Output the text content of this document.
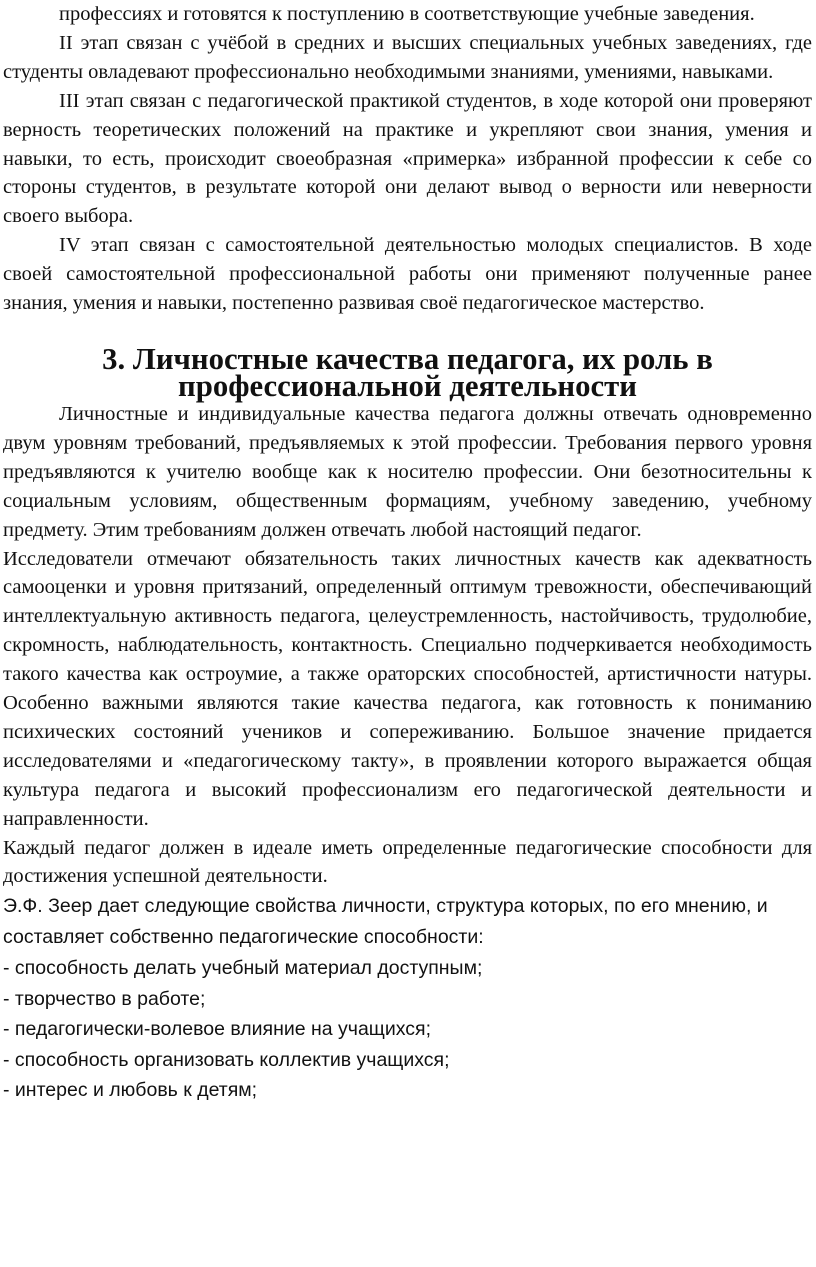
профессиях и готовятся к поступлению в соответствующие учебные заведения.

II этап связан с учёбой в средних и высших специальных учебных заведениях, где студенты овладевают профессионально необходимыми знаниями, умениями, навыками.

III этап связан с педагогической практикой студентов, в ходе которой они проверяют верность теоретических положений на практике и укрепляют свои знания, умения и навыки, то есть, происходит своеобразная «примерка» избранной профессии к себе со стороны студентов, в результате которой они делают вывод о верности или неверности своего выбора.

IV этап связан с самостоятельной деятельностью молодых специалистов. В ходе своей самостоятельной профессиональной работы они применяют полученные ранее знания, умения и навыки, постепенно развивая своё педагогическое мастерство.

3. Личностные качества педагога, их роль в профессиональной деятельности

Личностные и индивидуальные качества педагога должны отвечать одновременно двум уровням требований, предъявляемых к этой профессии. Требования первого уровня предъявляются к учителю вообще как к носителю профессии. Они безотносительны к социальным условиям, общественным формациям, учебному заведению, учебному предмету. Этим требованиям должен отвечать любой настоящий педагог.

Исследователи отмечают обязательность таких личностных качеств как адекватность самооценки и уровня притязаний, определенный оптимум тревожности, обеспечивающий интеллектуальную активность педагога, целеустремленность, настойчивость, трудолюбие, скромность, наблюдательность, контактность. Специально подчеркивается необходимость такого качества как остроумие, а также ораторских способностей, артистичности натуры. Особенно важными являются такие качества педагога, как готовность к пониманию психических состояний учеников и сопереживанию. Большое значение придается исследователями и «педагогическому такту», в проявлении которого выражается общая культура педагога и высокий профессионализм его педагогической деятельности и направленности.

Каждый педагог должен в идеале иметь определенные педагогические способности для достижения успешной деятельности.

Э.Ф. Зеер дает следующие свойства личности, структура которых, по его мнению, и составляет собственно педагогические способности:

- способность делать учебный материал доступным;
- творчество в работе;
- педагогически-волевое влияние на учащихся;
- способность организовать коллектив учащихся;
- интерес и любовь к детям;
